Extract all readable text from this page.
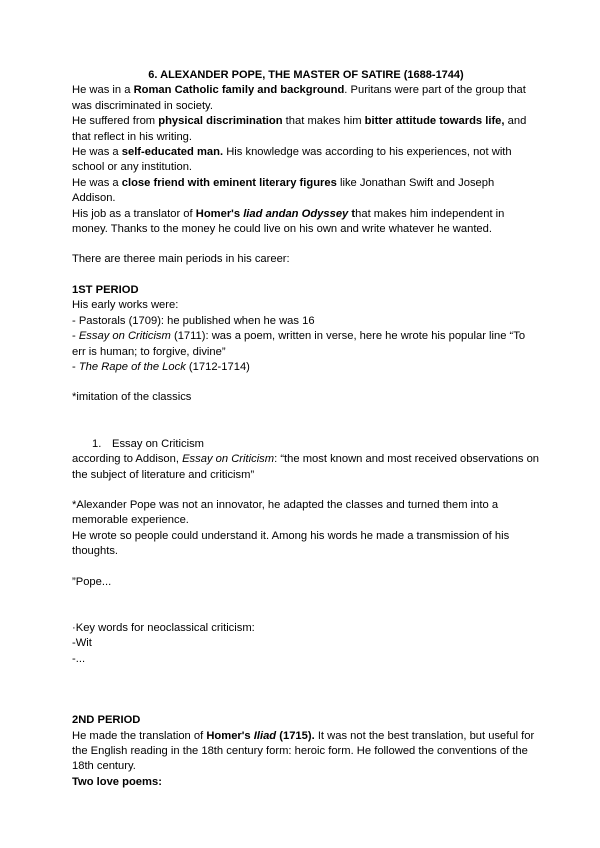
6. ALEXANDER POPE, THE MASTER OF SATIRE (1688-1744)

He was in a Roman Catholic family and background. Puritans were part of the group that was discriminated in society.

He suffered from physical discrimination that makes him bitter attitude towards life, and that reflect in his writing.

He was a self-educated man. His knowledge was according to his experiences, not with school or any institution.

He was a close friend with eminent literary figures like Jonathan Swift and Joseph Addison.

His job as a translator of Homer's liad andan Odyssey that makes him independent in money. Thanks to the money he could live on his own and write whatever he wanted.

There are theree main periods in his career:

1ST PERIOD

His early works were:

- Pastorals (1709): he published when he was 16

- Essay on Criticism (1711): was a poem, written in verse, here he wrote his popular line “To err is human; to forgive, divine”

- The Rape of the Lock (1712-1714)

*imitation of the classics

1. Essay on Criticism

according to Addison, Essay on Criticism: “the most known and most received observations on the subject of literature and criticism”

*Alexander Pope was not an innovator, he adapted the classes and turned them into a memorable experience.

He wrote so people could understand it. Among his words he made a transmission of his thoughts.

”Pope...

·Key words for neoclassical criticism:

-Wit

-...

2ND PERIOD

He made the translation of Homer's Iliad (1715). It was not the best translation, but useful for the English reading in the 18th century form: heroic form. He followed the conventions of the 18th century.

Two love poems:
